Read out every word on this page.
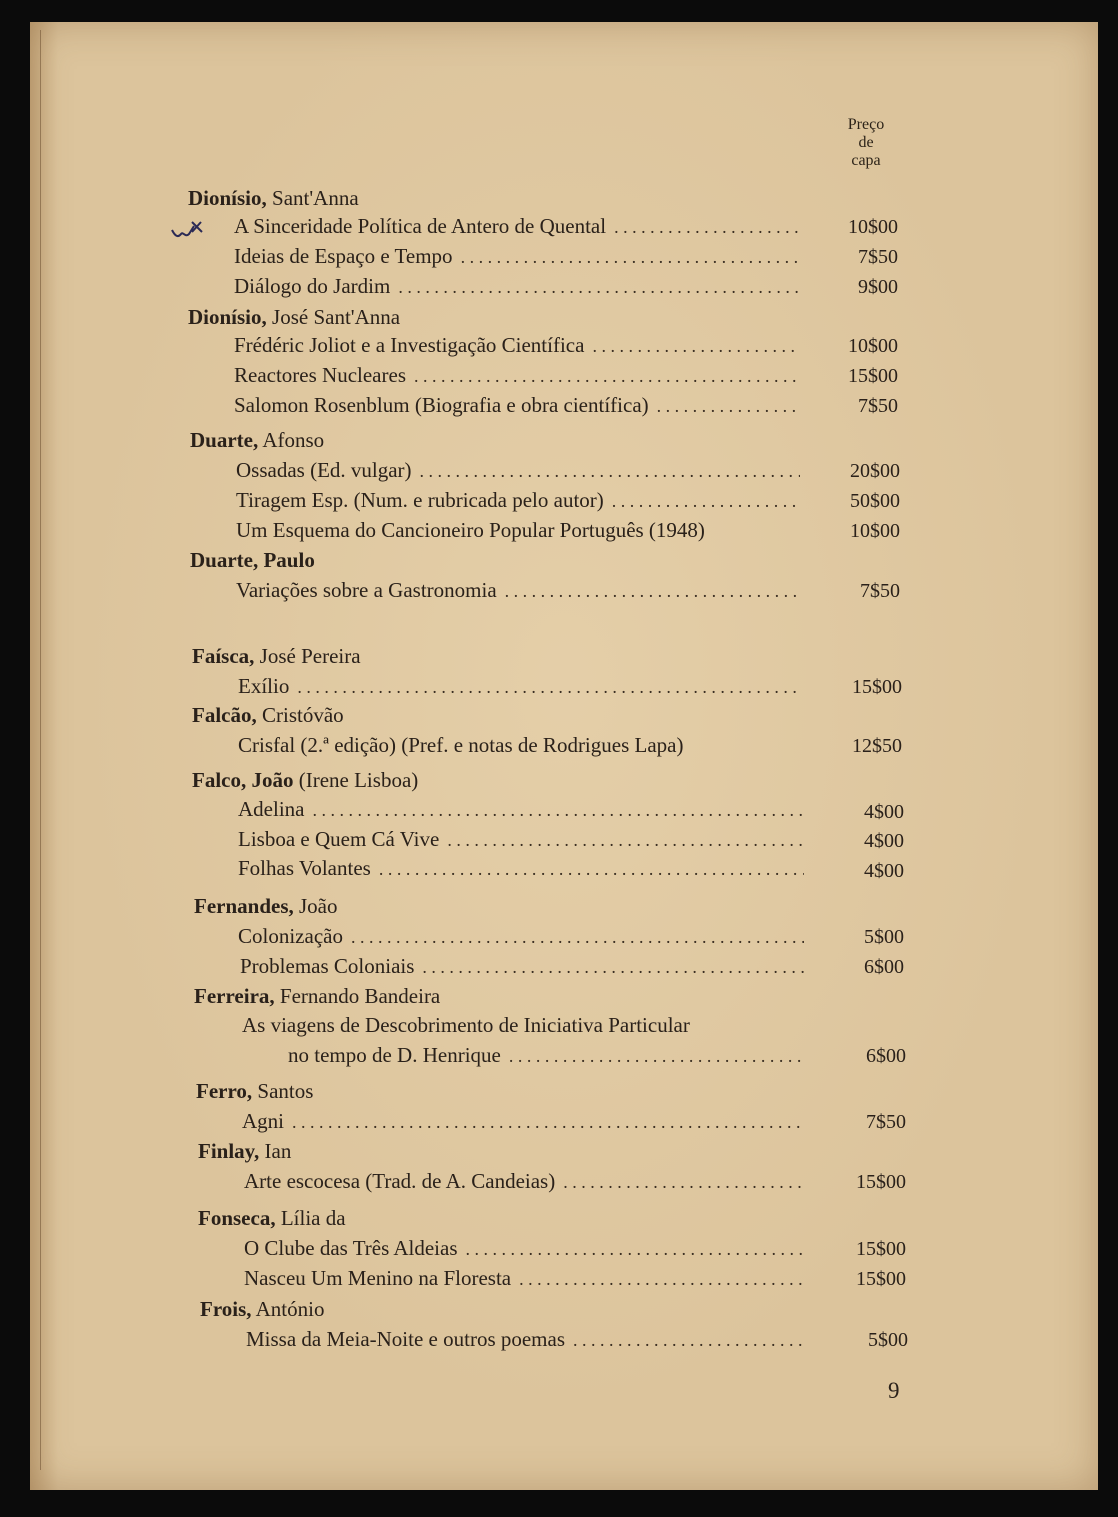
Preço
de
capa
Dionísio, Sant'Anna
A Sinceridade Política de Antero de Quental . . .	10$00
Ideias de Espaço e Tempo . . .	7$50
Diálogo do Jardim . . .	9$00
Dionísio, José Sant'Anna
Frédéric Joliot e a Investigação Científica . . .	10$00
Reactores Nucleares . . .	15$00
Salomon Rosenblum (Biografia e obra científica) . . .	7$50
Duarte, Afonso
Ossadas (Ed. vulgar) . . .	20$00
Tiragem Esp. (Num. e rubricada pelo autor) . . .	50$00
Um Esquema do Cancioneiro Popular Português (1948)	10$00
Duarte, Paulo
Variações sobre a Gastronomia . . .	7$50
Faísca, José Pereira
Exílio . . .	15$00
Falcão, Cristóvão
Crisfal (2.ª edição) (Pref. e notas de Rodrigues Lapa)	12$50
Falco, João (Irene Lisboa)
Adelina . . .	4$00
Lisboa e Quem Cá Vive . . .	4$00
Folhas Volantes . . .	4$00
Fernandes, João
Colonização . . .	5$00
Problemas Coloniais . . .	6$00
Ferreira, Fernando Bandeira
As viagens de Descobrimento de Iniciativa Particular
no tempo de D. Henrique . . .	6$00
Ferro, Santos
Agni . . .	7$50
Finlay, Ian
Arte escocesa (Trad. de A. Candeias) . . .	15$00
Fonseca, Lília da
O Clube das Três Aldeias . . .	15$00
Nasceu Um Menino na Floresta . . .	15$00
Frois, António
Missa da Meia-Noite e outros poemas . . .	5$00
9
